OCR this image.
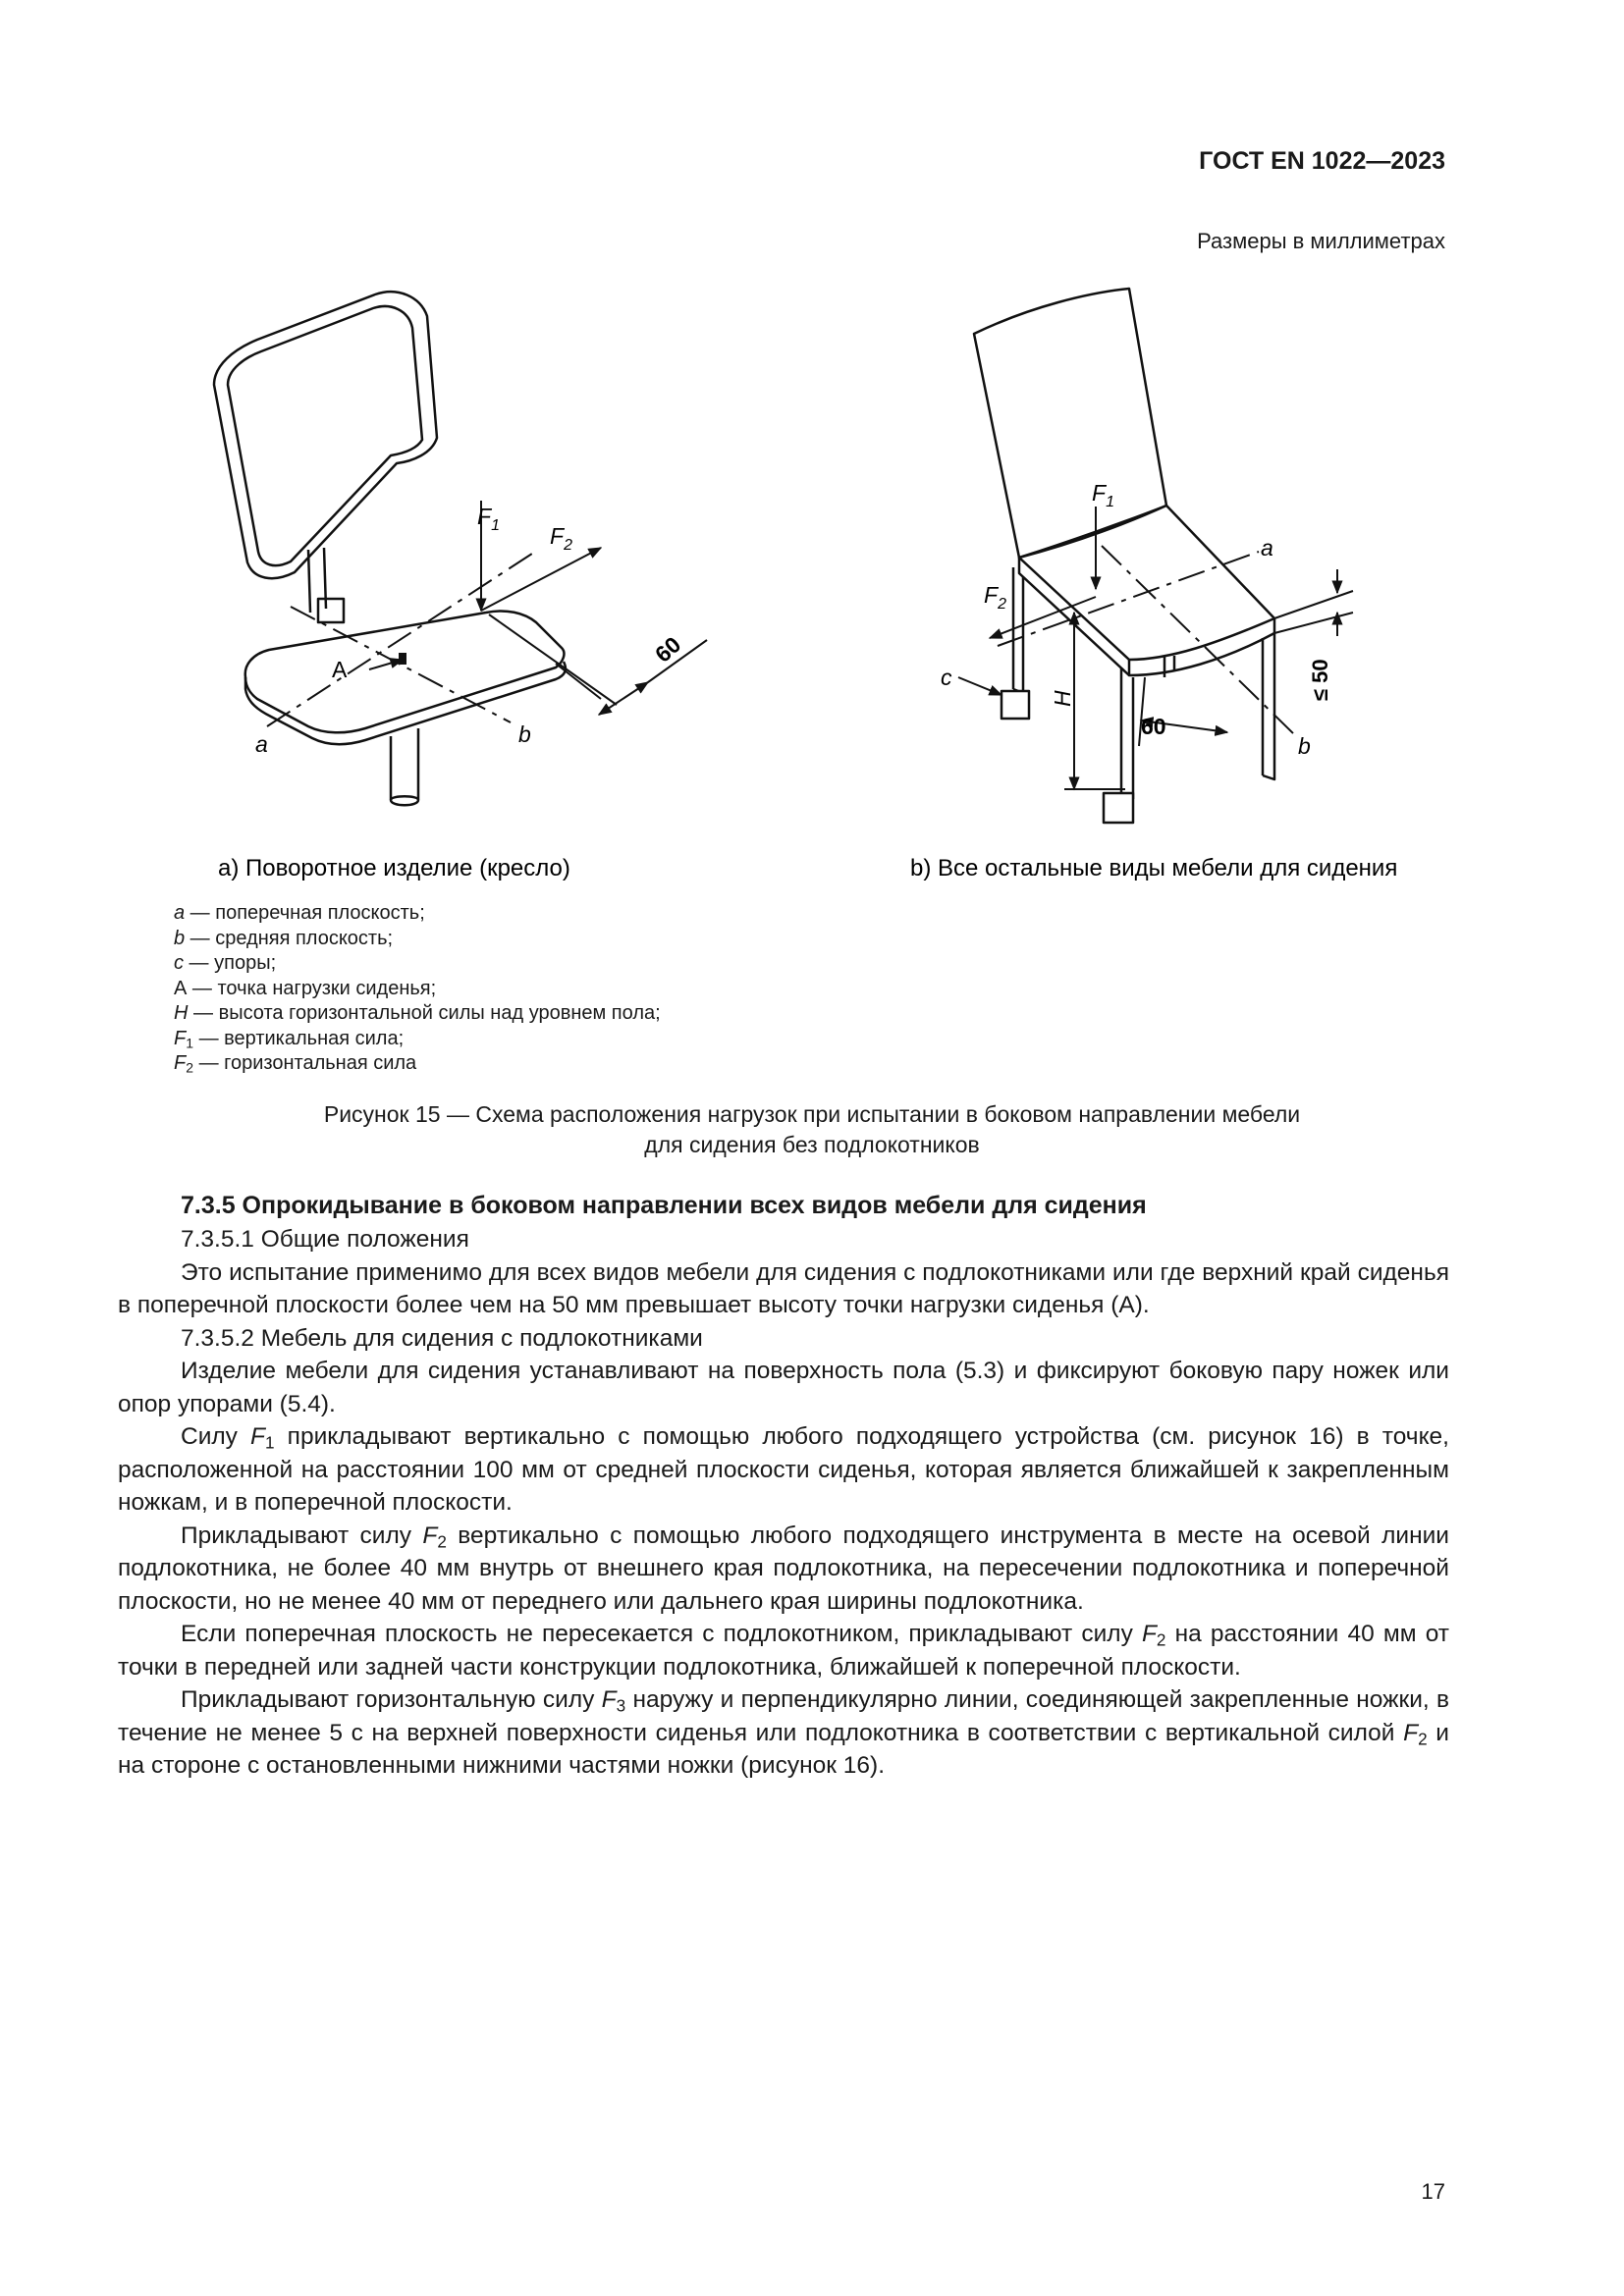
ГОСТ EN 1022—2023
Размеры в миллиметрах
$F_1$ $F_2$
60
A
a	b
$F_1$
$F_2$
a
b
c
H
60
≤ 50
а) Поворотное изделие (кресло)	b) Все остальные виды мебели для сидения
a — поперечная плоскость;
b — средняя плоскость;
c — упоры;
А — точка нагрузки сиденья;
H — высота горизонтальной силы над уровнем пола;
$F_1$ — вертикальная сила;
$F_2$ — горизонтальная сила
Рисунок 15 — Схема расположения нагрузок при испытании в боковом направлении мебели
для сидения без подлокотников
7.3.5 Опрокидывание в боковом направлении всех видов мебели для сидения
7.3.5.1 Общие положения
Это испытание применимо для всех видов мебели для сидения с подлокотниками или где верхний край сиденья в поперечной плоскости более чем на 50 мм превышает высоту точки нагрузки сиденья (А).
7.3.5.2 Мебель для сидения с подлокотниками
Изделие мебели для сидения устанавливают на поверхность пола (5.3) и фиксируют боковую пару ножек или опор упорами (5.4).
Силу $F_1$ прикладывают вертикально с помощью любого подходящего устройства (см. рисунок 16) в точке, расположенной на расстоянии 100 мм от средней плоскости сиденья, которая является ближайшей к закрепленным ножкам, и в поперечной плоскости.
Прикладывают силу $F_2$ вертикально с помощью любого подходящего инструмента в месте на осевой линии подлокотника, не более 40 мм внутрь от внешнего края подлокотника, на пересечении подлокотника и поперечной плоскости, но не менее 40 мм от переднего или дальнего края ширины подлокотника.
Если поперечная плоскость не пересекается с подлокотником, прикладывают силу $F_2$ на расстоянии 40 мм от точки в передней или задней части конструкции подлокотника, ближайшей к поперечной плоскости.
Прикладывают горизонтальную силу $F_3$ наружу и перпендикулярно линии, соединяющей закрепленные ножки, в течение не менее 5 с на верхней поверхности сиденья или подлокотника в соответствии с вертикальной силой $F_2$ и на стороне с остановленными нижними частями ножки (рисунок 16).
17
